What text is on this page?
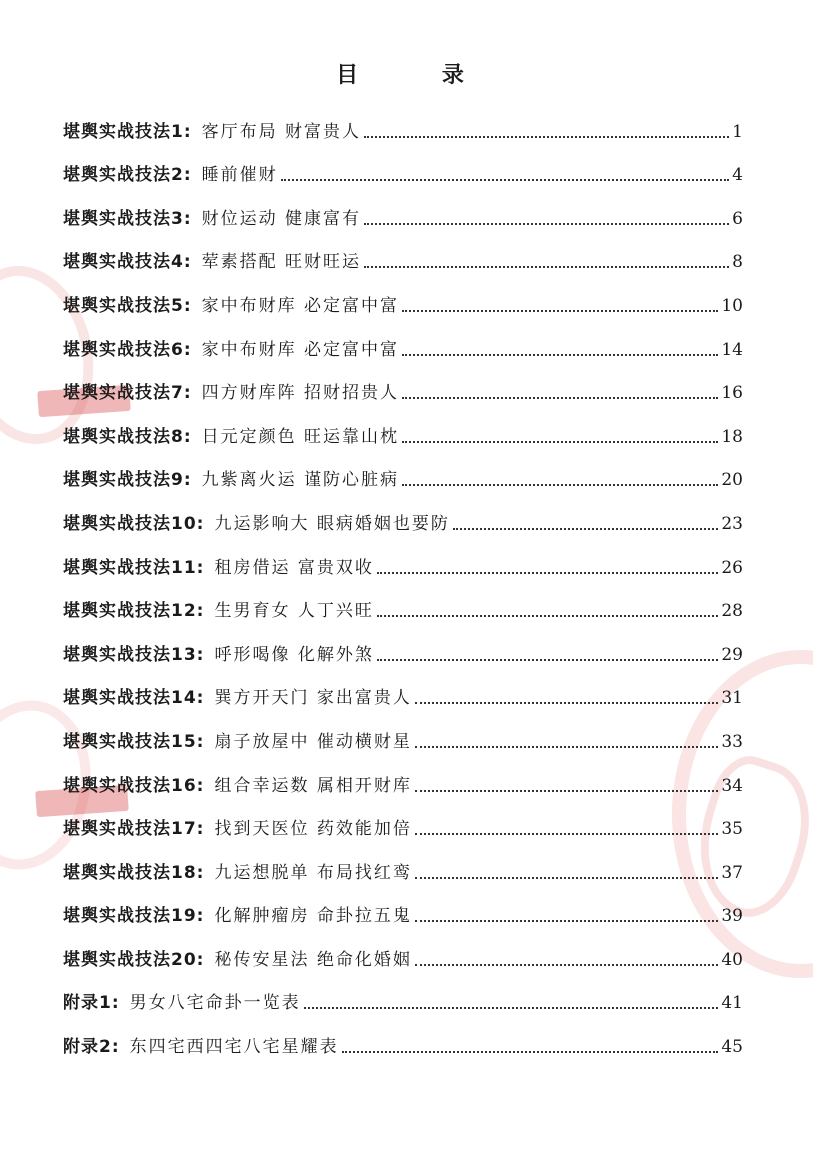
目 录
堪舆实战技法1: 客厅布局 财富贵人	1
堪舆实战技法2: 睡前催财	4
堪舆实战技法3: 财位运动 健康富有	6
堪舆实战技法4: 荤素搭配 旺财旺运	8
堪舆实战技法5: 家中布财库 必定富中富	10
堪舆实战技法6: 家中布财库 必定富中富	14
堪舆实战技法7: 四方财库阵 招财招贵人	16
堪舆实战技法8: 日元定颜色 旺运靠山枕	18
堪舆实战技法9: 九紫离火运 谨防心脏病	20
堪舆实战技法10: 九运影响大 眼病婚姻也要防	23
堪舆实战技法11: 租房借运 富贵双收	26
堪舆实战技法12: 生男育女 人丁兴旺	28
堪舆实战技法13: 呼形喝像 化解外煞	29
堪舆实战技法14: 巽方开天门 家出富贵人	31
堪舆实战技法15: 扇子放屋中 催动横财星	33
堪舆实战技法16: 组合幸运数 属相开财库	34
堪舆实战技法17: 找到天医位 药效能加倍	35
堪舆实战技法18: 九运想脱单 布局找红鸾	37
堪舆实战技法19: 化解肿瘤房 命卦拉五鬼	39
堪舆实战技法20: 秘传安星法 绝命化婚姻	40
附录1: 男女八宅命卦一览表	41
附录2: 东四宅西四宅八宅星耀表	45
